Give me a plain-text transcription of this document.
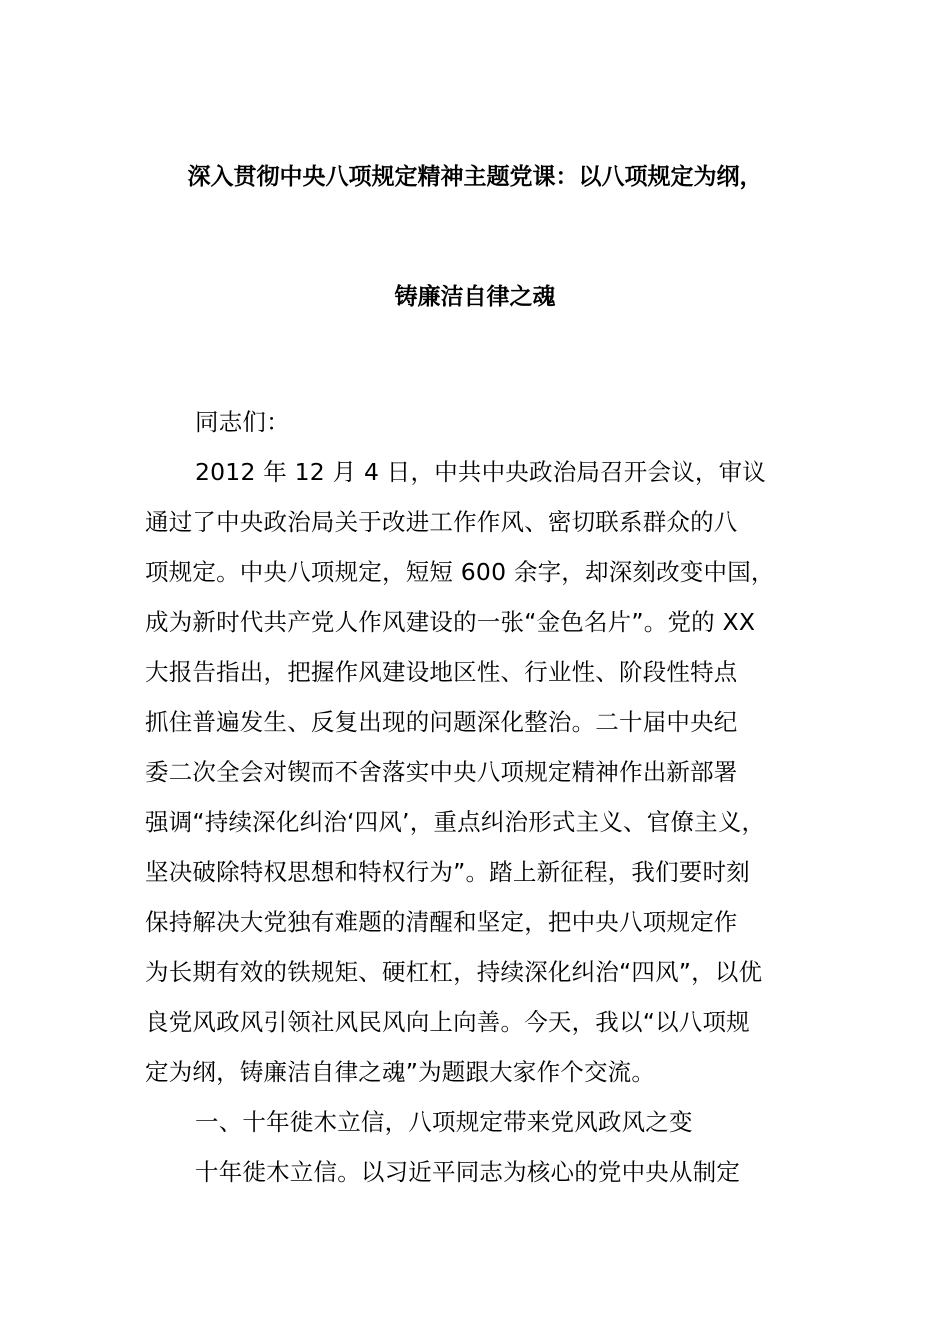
深入贯彻中央八项规定精神主题党课：以八项规定为纲，
铸廉洁自律之魂
同志们：
2012 年 12 月 4 日，中共中央政治局召开会议，审议
通过了中央政治局关于改进工作作风、密切联系群众的八
项规定。中央八项规定，短短 600 余字，却深刻改变中国，
成为新时代共产党人作风建设的一张“金色名片”。党的 XX
大报告指出，把握作风建设地区性、行业性、阶段性特点
抓住普遍发生、反复出现的问题深化整治。二十届中央纪
委二次全会对锲而不舍落实中央八项规定精神作出新部署
强调“持续深化纠治‘四风’，重点纠治形式主义、官僚主义，
坚决破除特权思想和特权行为”。踏上新征程，我们要时刻
保持解决大党独有难题的清醒和坚定，把中央八项规定作
为长期有效的铁规矩、硬杠杠，持续深化纠治“四风”，以优
良党风政风引领社风民风向上向善。今天，我以“以八项规
定为纲，铸廉洁自律之魂”为题跟大家作个交流。
一、十年徙木立信，八项规定带来党风政风之变
十年徙木立信。以习近平同志为核心的党中央从制定
